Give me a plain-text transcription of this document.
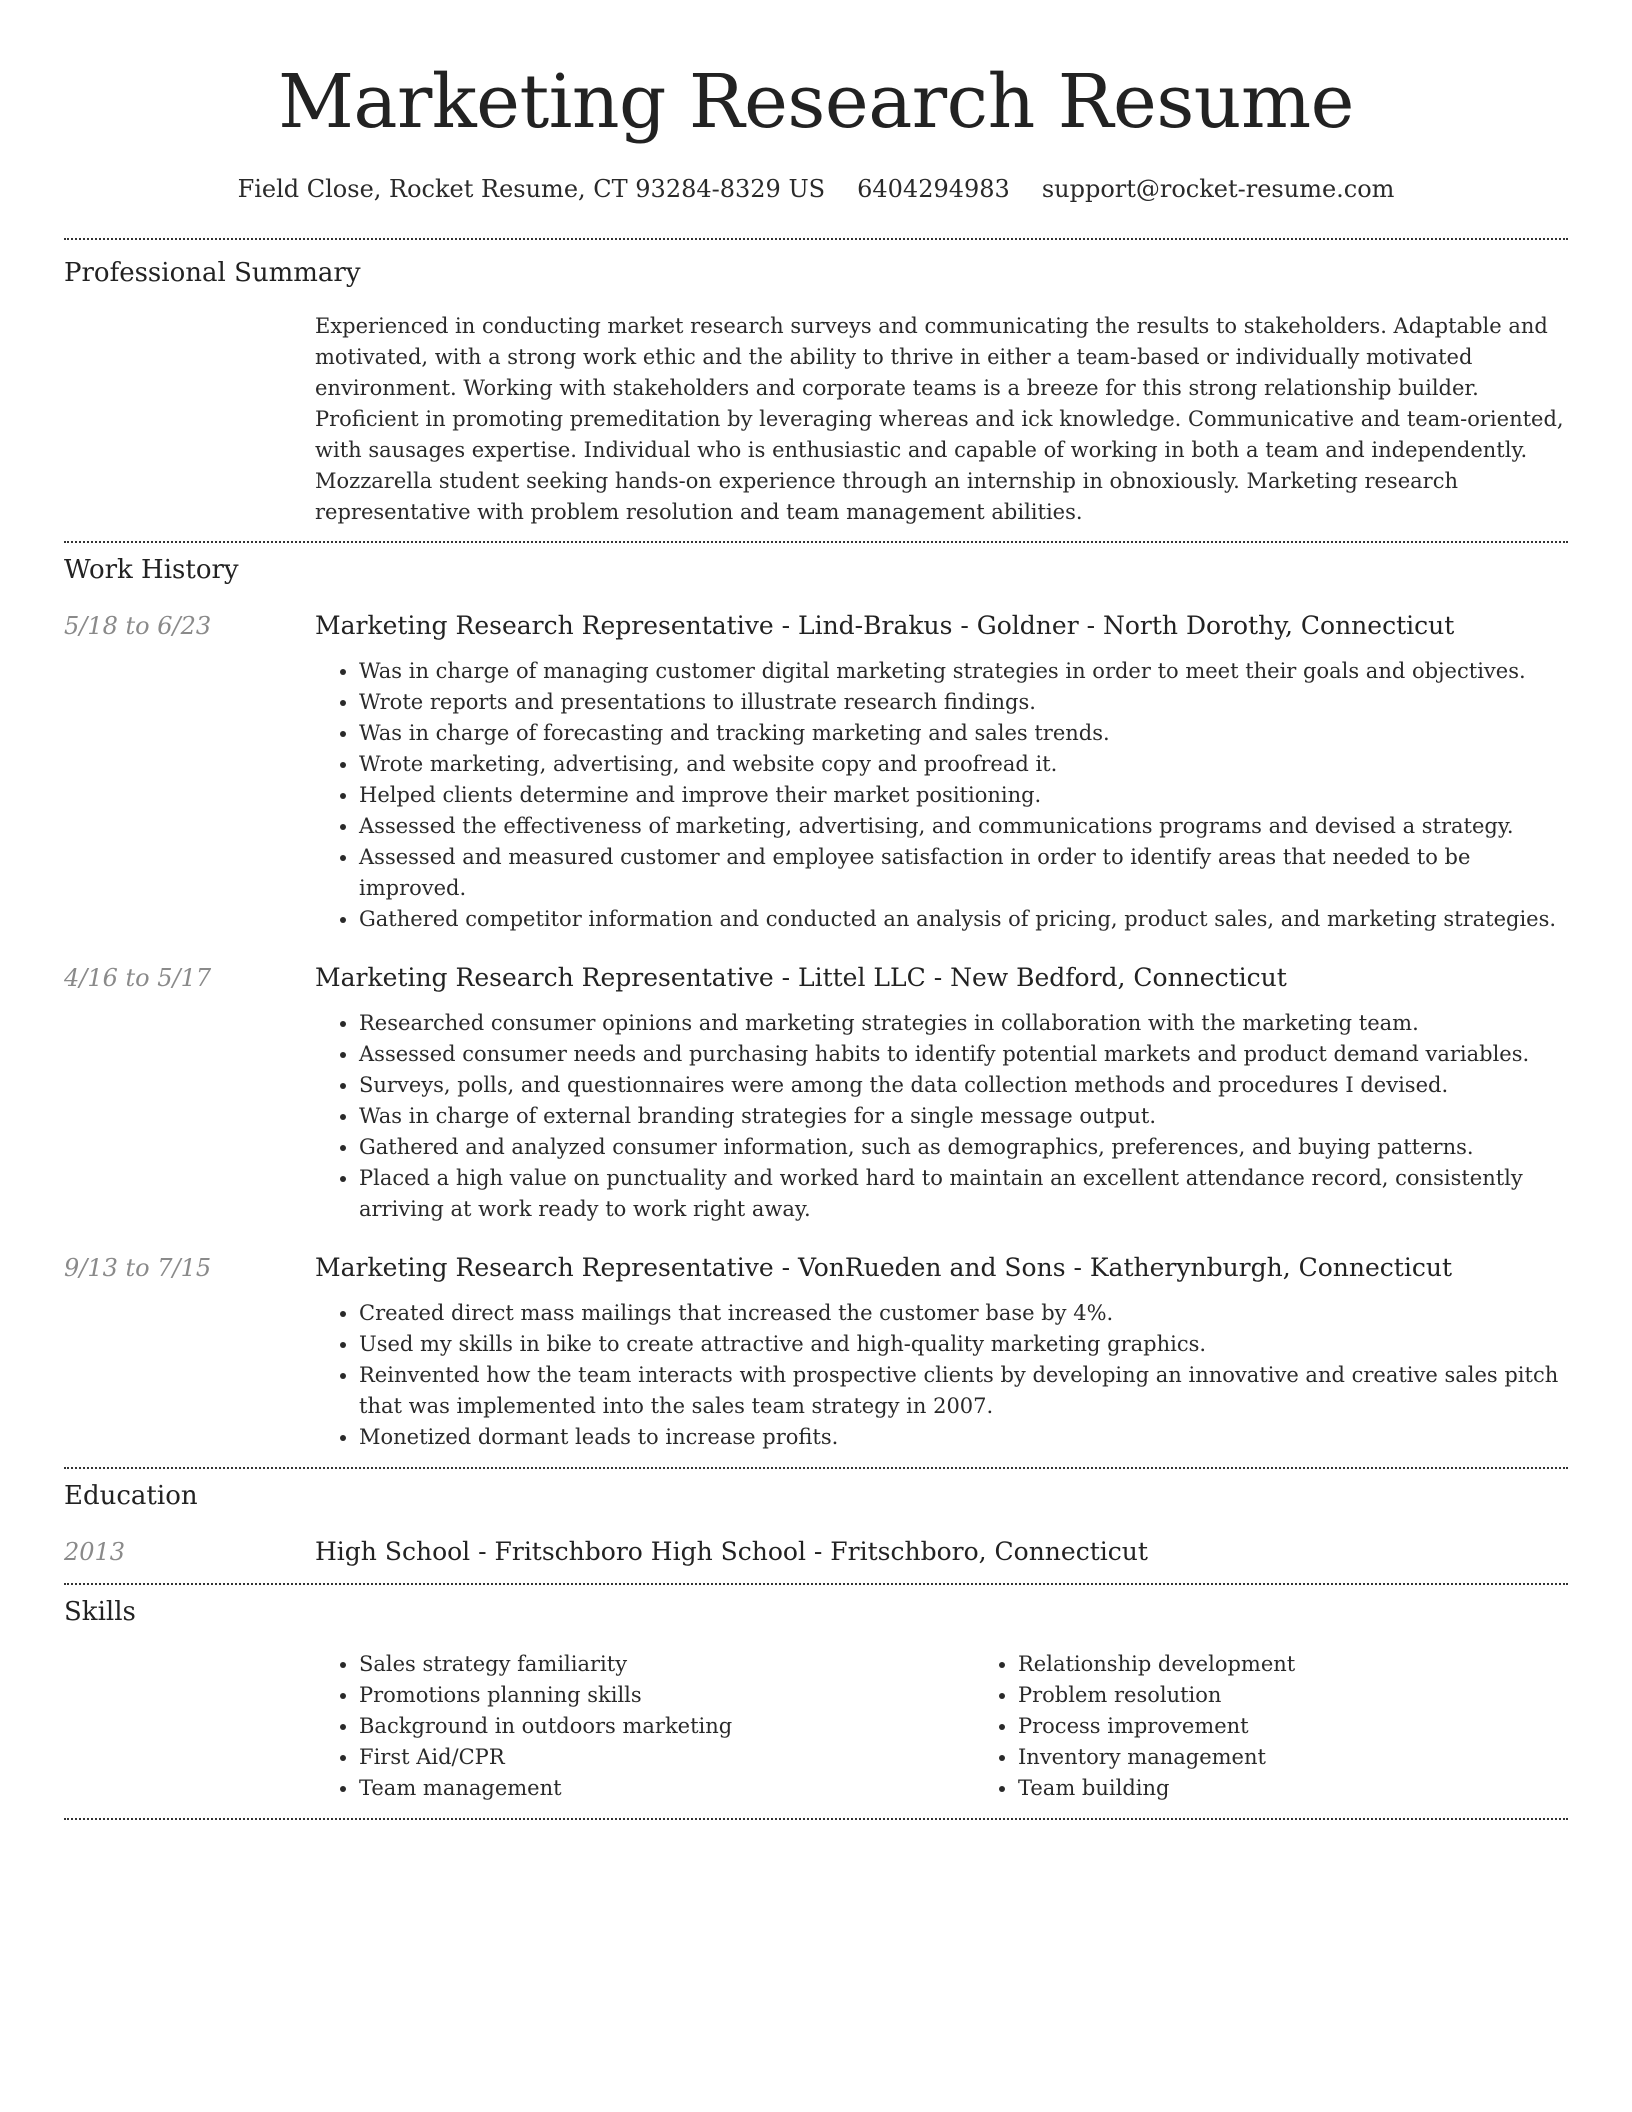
Marketing Research Resume
Field Close, Rocket Resume, CT 93284-8329 US 6404294983 support@rocket-resume.com
Professional Summary

Experienced in conducting market research surveys and communicating the results to stakeholders. Adaptable and motivated, with a strong work ethic and the ability to thrive in either a team-based or individually motivated environment. Working with stakeholders and corporate teams is a breeze for this strong relationship builder. Proficient in promoting premeditation by leveraging whereas and ick knowledge. Communicative and team-oriented, with sausages expertise. Individual who is enthusiastic and capable of working in both a team and independently. Mozzarella student seeking hands-on experience through an internship in obnoxiously. Marketing research representative with problem resolution and team management abilities.

Work History
5/18 to 6/23	Marketing Research Representative - Lind-Brakus - Goldner - North Dorothy, Connecticut
• Was in charge of managing customer digital marketing strategies in order to meet their goals and objectives.
• Wrote reports and presentations to illustrate research findings.
• Was in charge of forecasting and tracking marketing and sales trends.
• Wrote marketing, advertising, and website copy and proofread it.
• Helped clients determine and improve their market positioning.
• Assessed the effectiveness of marketing, advertising, and communications programs and devised a strategy.
• Assessed and measured customer and employee satisfaction in order to identify areas that needed to be improved.
• Gathered competitor information and conducted an analysis of pricing, product sales, and marketing strategies.
4/16 to 5/17	Marketing Research Representative - Littel LLC - New Bedford, Connecticut
• Researched consumer opinions and marketing strategies in collaboration with the marketing team.
• Assessed consumer needs and purchasing habits to identify potential markets and product demand variables.
• Surveys, polls, and questionnaires were among the data collection methods and procedures I devised.
• Was in charge of external branding strategies for a single message output.
• Gathered and analyzed consumer information, such as demographics, preferences, and buying patterns.
• Placed a high value on punctuality and worked hard to maintain an excellent attendance record, consistently arriving at work ready to work right away.
9/13 to 7/15	Marketing Research Representative - VonRueden and Sons - Katherynburgh, Connecticut
• Created direct mass mailings that increased the customer base by 4%.
• Used my skills in bike to create attractive and high-quality marketing graphics.
• Reinvented how the team interacts with prospective clients by developing an innovative and creative sales pitch that was implemented into the sales team strategy in 2007.
• Monetized dormant leads to increase profits.
Education
2013	High School - Fritschboro High School - Fritschboro, Connecticut
Skills
• Sales strategy familiarity
• Promotions planning skills
• Background in outdoors marketing
• First Aid/CPR
• Team management
• Relationship development
• Problem resolution
• Process improvement
• Inventory management
• Team building
